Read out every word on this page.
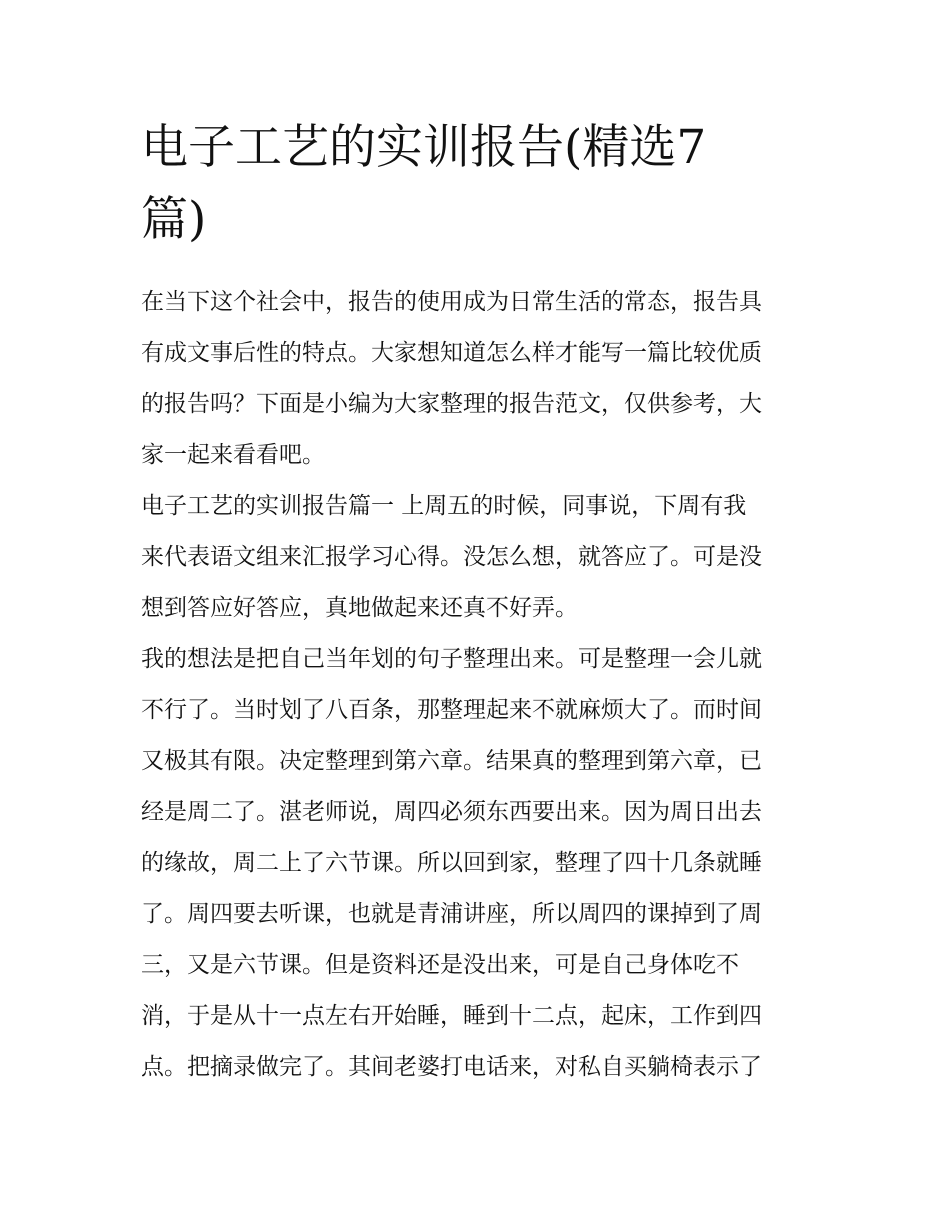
电子工艺的实训报告(精选7
篇)
在当下这个社会中，报告的使用成为日常生活的常态，报告具
有成文事后性的特点。大家想知道怎么样才能写一篇比较优质
的报告吗？下面是小编为大家整理的报告范文，仅供参考，大
家一起来看看吧。
电子工艺的实训报告篇一 上周五的时候，同事说，下周有我
来代表语文组来汇报学习心得。没怎么想，就答应了。可是没
想到答应好答应，真地做起来还真不好弄。
我的想法是把自己当年划的句子整理出来。可是整理一会儿就
不行了。当时划了八百条，那整理起来不就麻烦大了。而时间
又极其有限。决定整理到第六章。结果真的整理到第六章，已
经是周二了。湛老师说，周四必须东西要出来。因为周日出去
的缘故，周二上了六节课。所以回到家，整理了四十几条就睡
了。周四要去听课，也就是青浦讲座，所以周四的课掉到了周
三，又是六节课。但是资料还是没出来，可是自己身体吃不
消，于是从十一点左右开始睡，睡到十二点，起床，工作到四
点。把摘录做完了。其间老婆打电话来，对私自买躺椅表示了
